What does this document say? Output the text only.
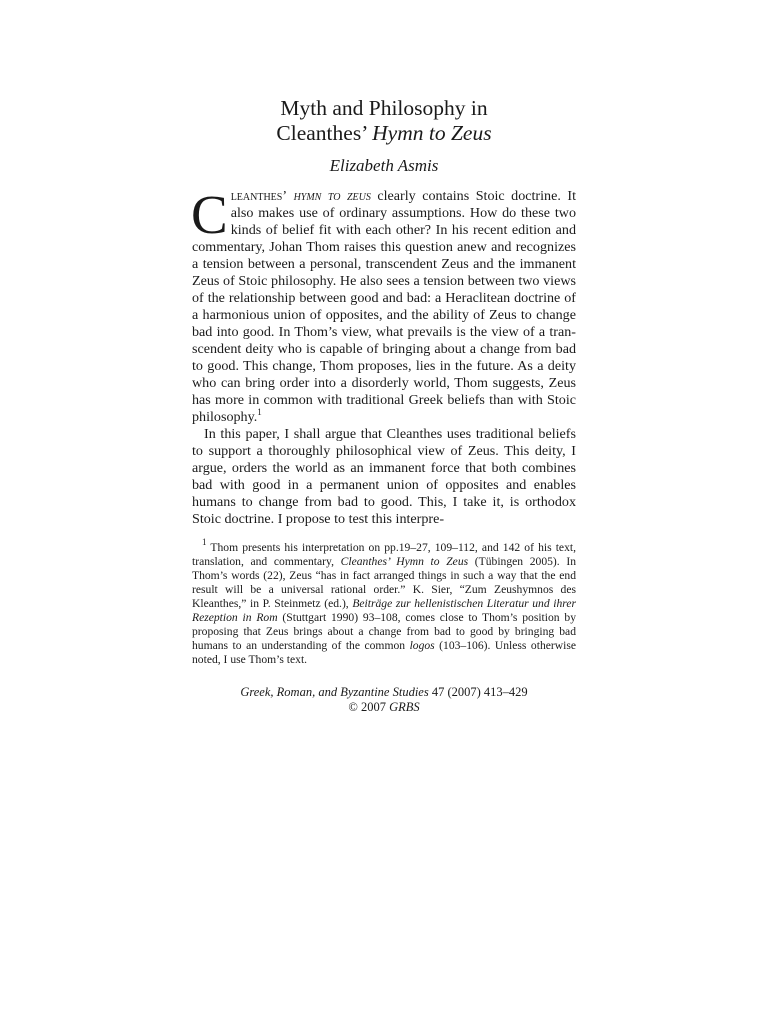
Myth and Philosophy in
Cleanthes’ Hymn to Zeus
Elizabeth Asmis

Cleanthes’ hymn to zeus clearly contains Stoic doctrine. It also makes use of ordinary assumptions. How do these two kinds of belief fit with each other? In his recent edition and commentary, Johan Thom raises this question anew and recognizes a tension between a personal, transcendent Zeus and the immanent Zeus of Stoic philosophy. He also sees a tension between two views of the relationship between good and bad: a Heraclitean doctrine of a harmonious union of opposites, and the ability of Zeus to change bad into good. In Thom’s view, what prevails is the view of a transcendent deity who is capable of bringing about a change from bad to good. This change, Thom proposes, lies in the future. As a deity who can bring order into a disorderly world, Thom suggests, Zeus has more in common with traditional Greek beliefs than with Stoic philosophy.$^1$

In this paper, I shall argue that Cleanthes uses traditional beliefs to support a thoroughly philosophical view of Zeus. This deity, I argue, orders the world as an immanent force that both combines bad with good in a permanent union of opposites and enables humans to change from bad to good. This, I take it, is orthodox Stoic doctrine. I propose to test this interpre-

$^1$ Thom presents his interpretation on pp.19–27, 109–112, and 142 of his text, translation, and commentary, Cleanthes’ Hymn to Zeus (Tübingen 2005). In Thom’s words (22), Zeus “has in fact arranged things in such a way that the end result will be a universal rational order.” K. Sier, “Zum Zeushymnos des Kleanthes,” in P. Steinmetz (ed.), Beiträge zur hellenistischen Literatur und ihrer Rezeption in Rom (Stuttgart 1990) 93–108, comes close to Thom’s position by proposing that Zeus brings about a change from bad to good by bringing bad humans to an understanding of the common logos (103–106). Unless otherwise noted, I use Thom’s text.

Greek, Roman, and Byzantine Studies 47 (2007) 413–429
© 2007 GRBS
